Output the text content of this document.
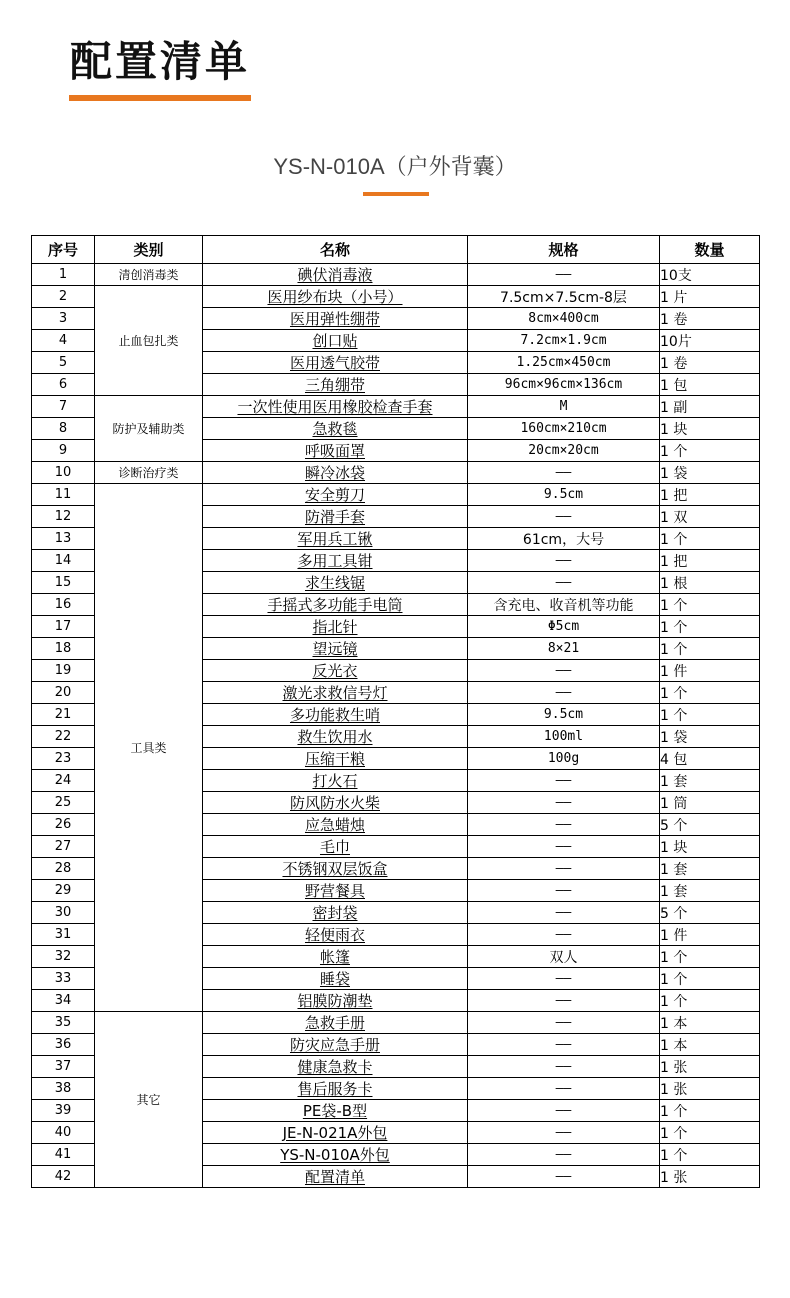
配置清单
YS-N-010A（户外背囊）
序号	类别	名称	规格	数量
1	清创消毒类	碘伏消毒液	——	10支
2	止血包扎类	医用纱布块（小号）	7.5cm×7.5cm-8层	1 片
3		医用弹性绷带	8cm×400cm	1 卷
4		创口贴	7.2cm×1.9cm	10片
5		医用透气胶带	1.25cm×450cm	1 卷
6		三角绷带	96cm×96cm×136cm	1 包
7	防护及辅助类	一次性使用医用橡胶检查手套	M	1 副
8		急救毯	160cm×210cm	1 块
9		呼吸面罩	20cm×20cm	1 个
10	诊断治疗类	瞬冷冰袋	——	1 袋
11	工具类	安全剪刀	9.5cm	1 把
12		防滑手套	——	1 双
13		军用兵工锹	61cm，大号	1 个
14		多用工具钳	——	1 把
15		求生线锯	——	1 根
16		手摇式多功能手电筒	含充电、收音机等功能	1 个
17		指北针	Φ5cm	1 个
18		望远镜	8×21	1 个
19		反光衣	——	1 件
20		激光求救信号灯	——	1 个
21		多功能救生哨	9.5cm	1 个
22		救生饮用水	100ml	1 袋
23		压缩干粮	100g	4 包
24		打火石	——	1 套
25		防风防水火柴	——	1 筒
26		应急蜡烛	——	5 个
27		毛巾	——	1 块
28		不锈钢双层饭盒	——	1 套
29		野营餐具	——	1 套
30		密封袋	——	5 个
31		轻便雨衣	——	1 件
32		帐篷	双人	1 个
33		睡袋	——	1 个
34		铝膜防潮垫	——	1 个
35	其它	急救手册	——	1 本
36		防灾应急手册	——	1 本
37		健康急救卡	——	1 张
38		售后服务卡	——	1 张
39		PE袋-B型	——	1 个
40		JE-N-021A外包	——	1 个
41		YS-N-010A外包	——	1 个
42		配置清单	——	1 张
